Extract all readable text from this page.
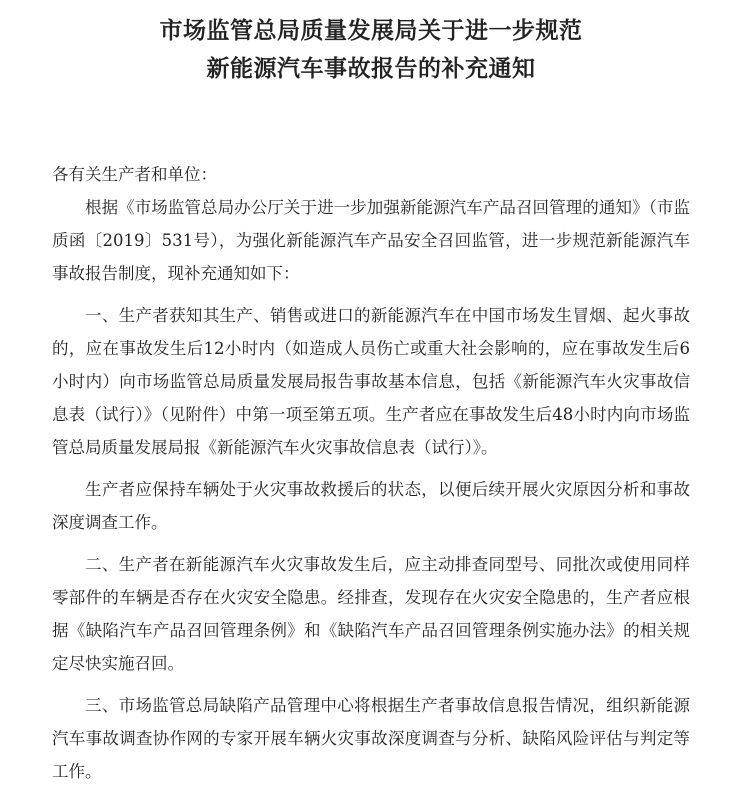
市场监管总局质量发展局关于进一步规范
新能源汽车事故报告的补充通知

各有关生产者和单位：

根据《市场监管总局办公厅关于进一步加强新能源汽车产品召回管理的通知》（市监质函〔2019〕531号），为强化新能源汽车产品安全召回监管，进一步规范新能源汽车事故报告制度，现补充通知如下：

一、生产者获知其生产、销售或进口的新能源汽车在中国市场发生冒烟、起火事故的，应在事故发生后12小时内（如造成人员伤亡或重大社会影响的，应在事故发生后6小时内）向市场监管总局质量发展局报告事故基本信息，包括《新能源汽车火灾事故信息表（试行）》（见附件）中第一项至第五项。生产者应在事故发生后48小时内向市场监管总局质量发展局报《新能源汽车火灾事故信息表（试行）》。

生产者应保持车辆处于火灾事故救援后的状态，以便后续开展火灾原因分析和事故深度调查工作。

二、生产者在新能源汽车火灾事故发生后，应主动排查同型号、同批次或使用同样零部件的车辆是否存在火灾安全隐患。经排查，发现存在火灾安全隐患的，生产者应根据《缺陷汽车产品召回管理条例》和《缺陷汽车产品召回管理条例实施办法》的相关规定尽快实施召回。

三、市场监管总局缺陷产品管理中心将根据生产者事故信息报告情况，组织新能源汽车事故调查协作网的专家开展车辆火灾事故深度调查与分析、缺陷风险评估与判定等工作。
